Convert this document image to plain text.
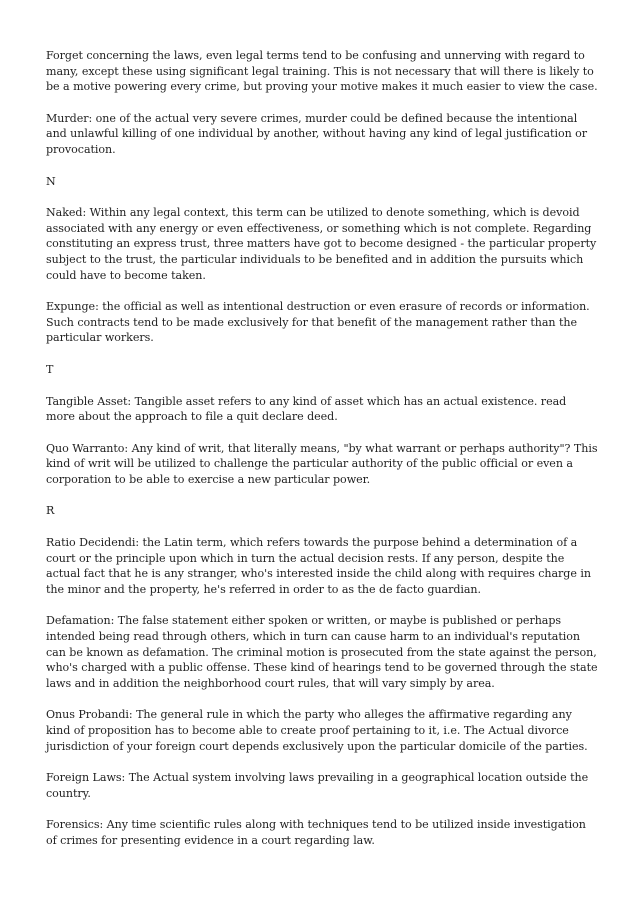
Forget concerning the laws, even legal terms tend to be confusing and unnerving with regard to many, except these using significant legal training. This is not necessary that will there is likely to be a motive powering every crime, but proving your motive makes it much easier to view the case.

Murder: one of the actual very severe crimes, murder could be defined because the intentional and unlawful killing of one individual by another, without having any kind of legal justification or provocation.

N

Naked: Within any legal context, this term can be utilized to denote something, which is devoid associated with any energy or even effectiveness, or something which is not complete. Regarding constituting an express trust, three matters have got to become designed - the particular property subject to the trust, the particular individuals to be benefited and in addition the pursuits which could have to become taken.

Expunge: the official as well as intentional destruction or even erasure of records or information. Such contracts tend to be made exclusively for that benefit of the management rather than the particular workers.

T

Tangible Asset: Tangible asset refers to any kind of asset which has an actual existence. read more about the approach to file a quit declare deed.

Quo Warranto: Any kind of writ, that literally means, "by what warrant or perhaps authority"? This kind of writ will be utilized to challenge the particular authority of the public official or even a corporation to be able to exercise a new particular power.

R

Ratio Decidendi: the Latin term, which refers towards the purpose behind a determination of a court or the principle upon which in turn the actual decision rests. If any person, despite the actual fact that he is any stranger, who's interested inside the child along with requires charge in the minor and the property, he's referred in order to as the de facto guardian.

Defamation: The false statement either spoken or written, or maybe is published or perhaps intended being read through others, which in turn can cause harm to an individual's reputation can be known as defamation. The criminal motion is prosecuted from the state against the person, who's charged with a public offense. These kind of hearings tend to be governed through the state laws and in addition the neighborhood court rules, that will vary simply by area.

Onus Probandi: The general rule in which the party who alleges the affirmative regarding any kind of proposition has to become able to create proof pertaining to it, i.e. The Actual divorce jurisdiction of your foreign court depends exclusively upon the particular domicile of the parties.

Foreign Laws: The Actual system involving laws prevailing in a geographical location outside the country.

Forensics: Any time scientific rules along with techniques tend to be utilized inside investigation of crimes for presenting evidence in a court regarding law.
